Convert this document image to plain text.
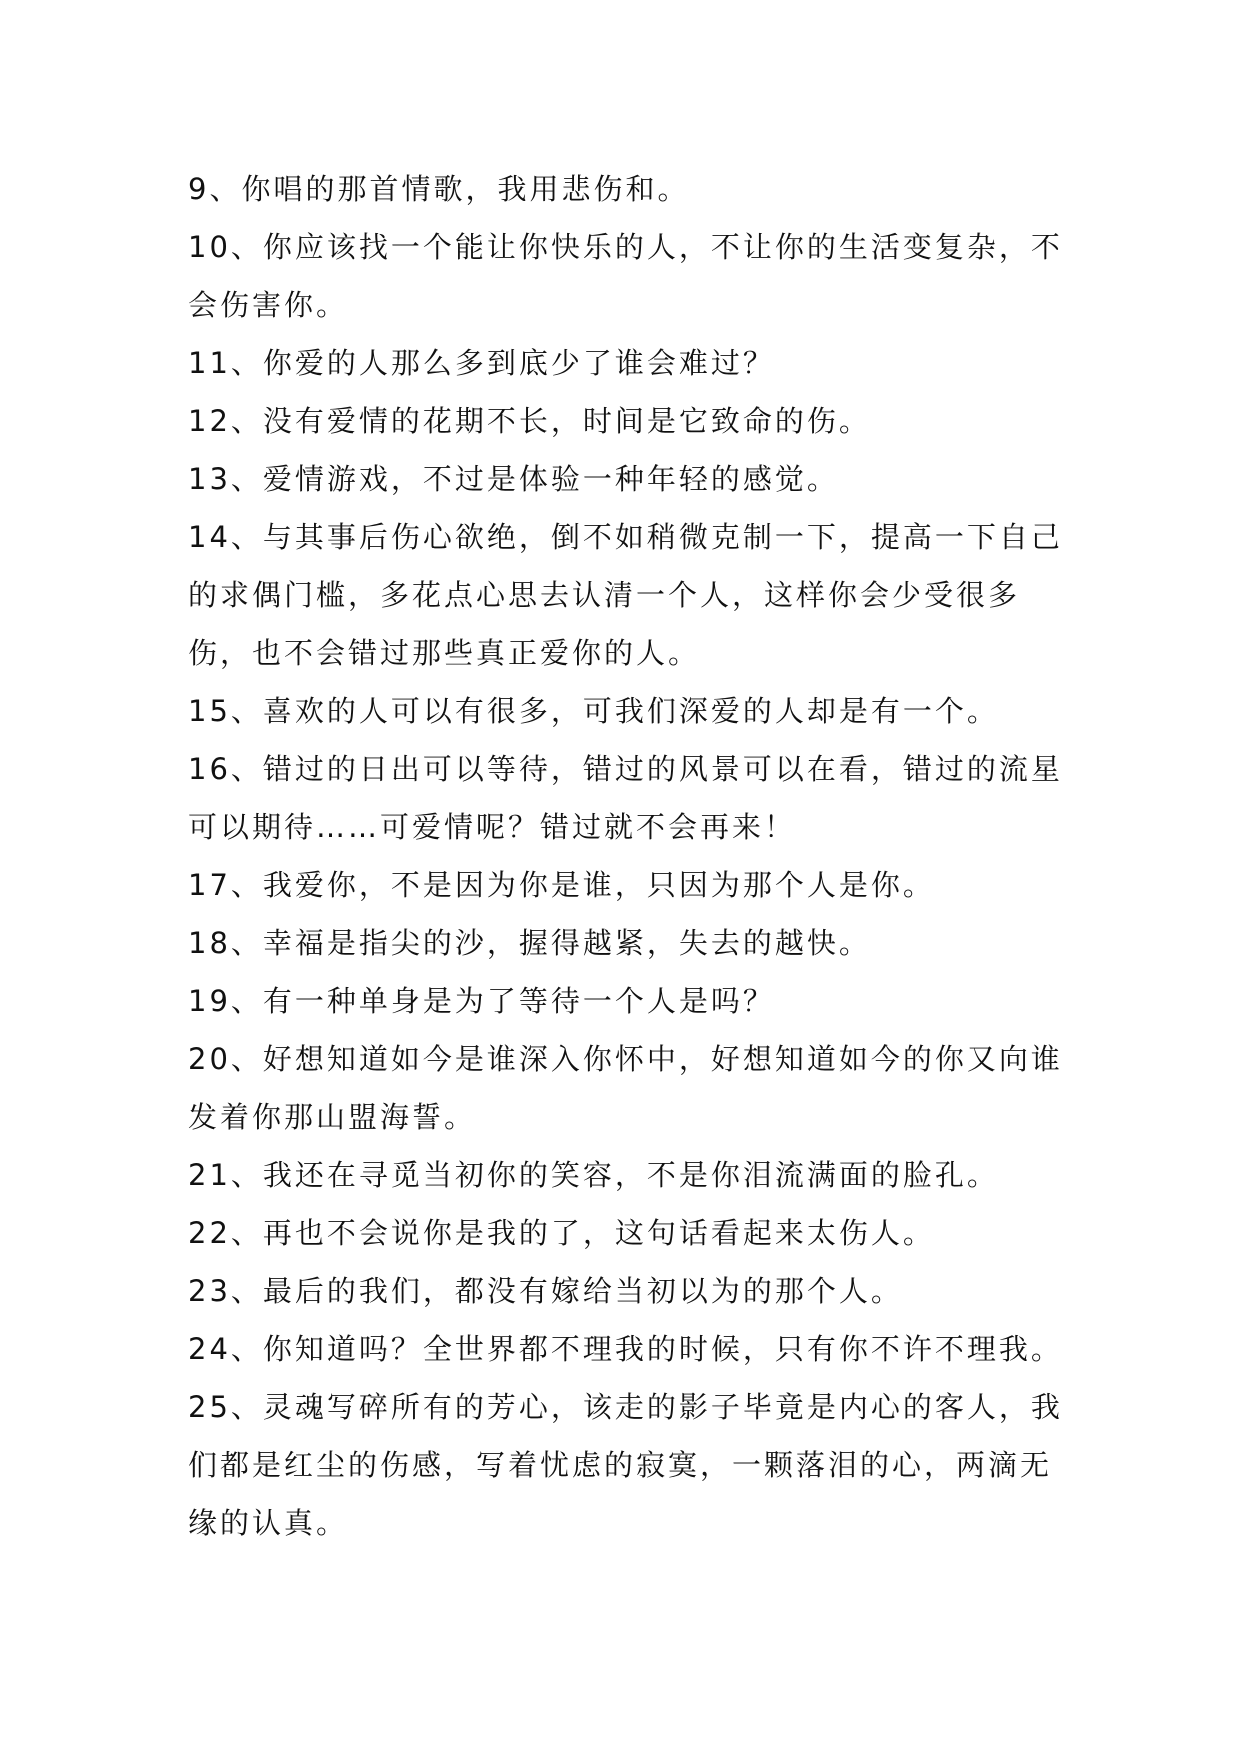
9、你唱的那首情歌，我用悲伤和。

10、你应该找一个能让你快乐的人，不让你的生活变复杂，不会伤害你。

11、你爱的人那么多到底少了谁会难过？

12、没有爱情的花期不长，时间是它致命的伤。

13、爱情游戏，不过是体验一种年轻的感觉。

14、与其事后伤心欲绝，倒不如稍微克制一下，提高一下自己的求偶门槛，多花点心思去认清一个人，这样你会少受很多伤，也不会错过那些真正爱你的人。

15、喜欢的人可以有很多，可我们深爱的人却是有一个。

16、错过的日出可以等待，错过的风景可以在看，错过的流星可以期待……可爱情呢？错过就不会再来！

17、我爱你，不是因为你是谁，只因为那个人是你。

18、幸福是指尖的沙，握得越紧，失去的越快。

19、有一种单身是为了等待一个人是吗？

20、好想知道如今是谁深入你怀中，好想知道如今的你又向谁发着你那山盟海誓。

21、我还在寻觅当初你的笑容，不是你泪流满面的脸孔。

22、再也不会说你是我的了，这句话看起来太伤人。

23、最后的我们，都没有嫁给当初以为的那个人。

24、你知道吗？全世界都不理我的时候，只有你不许不理我。

25、灵魂写碎所有的芳心，该走的影子毕竟是内心的客人，我们都是红尘的伤感，写着忧虑的寂寞，一颗落泪的心，两滴无缘的认真。
